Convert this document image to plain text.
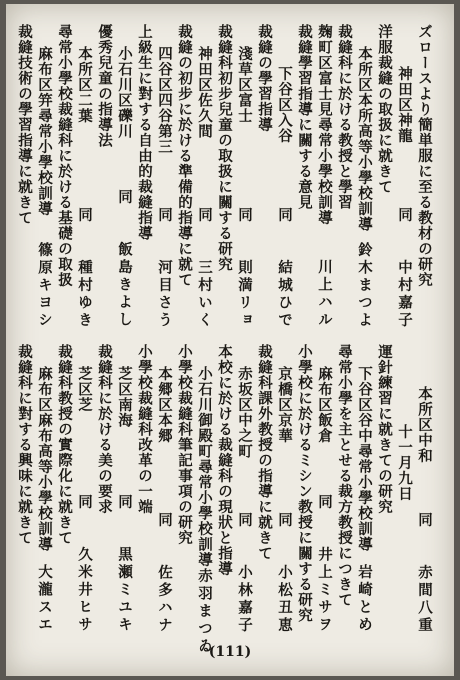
ズロースより簡単服に至る教材の研究
神田区神龍
同　　中村嘉子
洋服裁縫の取扱に就きて
本所区本所高等小學校訓導
鈴木まつよ
裁縫科に於ける教授と學習
麹町区富士見尋常小學校訓導
川上ハル
裁縫學習指導に關する意見
下谷区入谷
同　　結城ひで
裁縫の學習指導
淺草区富士
同　　則満リョ
裁縫科初步兒童の取扱に關する研究
神田区佐久間
同　　三村いく
裁縫の初步に於ける準備的指導に就て
四谷区四谷第三
同　　河目さう
上級生に對する自由的裁縫指導
小石川区礫川
同　　飯島きよし
優秀兒童の指導法
本所区二葉
同　　種村ゆき
尋常小學校裁縫科に於ける基礎の取扱
麻布区笄尋常小學校訓導
篠原キヨシ
裁縫技術の學習指導に就きて
本所区中和
同　　赤間八重
十一月九日
運針練習に就きての研究
下谷区谷中尋常小學校訓導
岩崎とめ
尋常小學を主とせる裁方教授につきて
麻布区飯倉
同　　井上ミサヲ
小學校に於けるミシン教授に關する研究
京橋区京華
同　　小松丑恵
裁縫科課外教授の指導に就きて
赤坂区中之町
同　　小林嘉子
本校に於ける裁縫科の現狀と指導
小石川御殿町尋常小學校訓導
赤羽まつゐ
小學校裁縫科筆記事項の研究
本郷区本郷
同　　佐多ハナ
小學校裁縫科改革の一端
芝区南海
同　　黒瀬ミユキ
裁縫科に於ける美の要求
芝区芝
同　　久米井ヒサ
裁縫科教授の實際化に就きて
麻布区麻布高等小學校訓導
大瀧スエ
裁縫科に對する興味に就きて
(111)
